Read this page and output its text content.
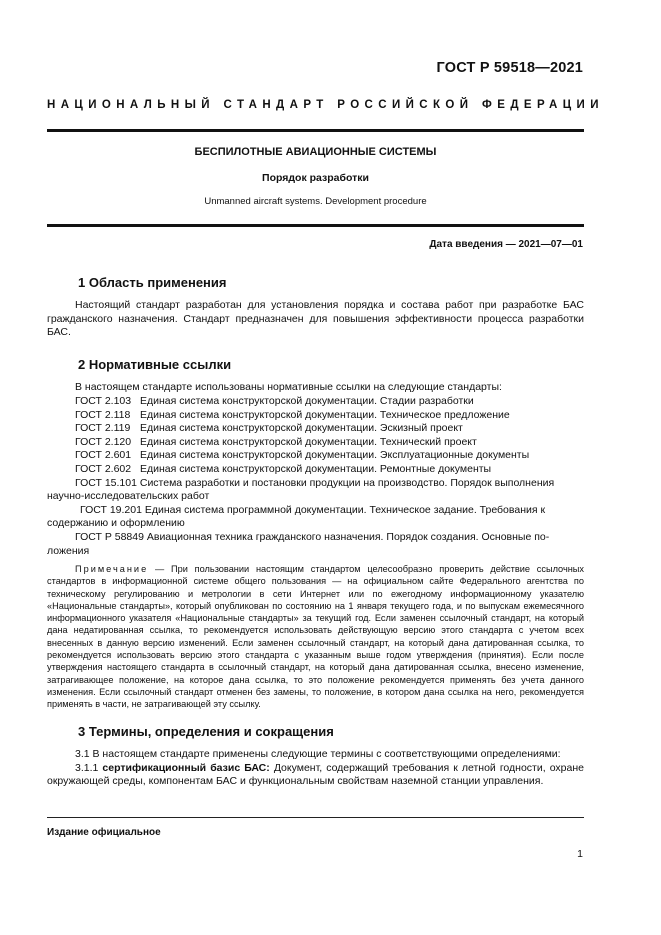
ГОСТ Р 59518—2021
НАЦИОНАЛЬНЫЙ СТАНДАРТ РОССИЙСКОЙ ФЕДЕРАЦИИ
БЕСПИЛОТНЫЕ АВИАЦИОННЫЕ СИСТЕМЫ
Порядок разработки
Unmanned aircraft systems. Development procedure
Дата введения — 2021—07—01
1 Область применения
Настоящий стандарт разработан для установления порядка и состава работ при разработке БАС гражданского назначения. Стандарт предназначен для повышения эффективности процесса разработки БАС.
2 Нормативные ссылки
В настоящем стандарте использованы нормативные ссылки на следующие стандарты:
ГОСТ 2.103 Единая система конструкторской документации. Стадии разработки
ГОСТ 2.118 Единая система конструкторской документации. Техническое предложение
ГОСТ 2.119 Единая система конструкторской документации. Эскизный проект
ГОСТ 2.120 Единая система конструкторской документации. Технический проект
ГОСТ 2.601 Единая система конструкторской документации. Эксплуатационные документы
ГОСТ 2.602 Единая система конструкторской документации. Ремонтные документы
ГОСТ 15.101 Система разработки и постановки продукции на производство. Порядок выполнения
научно-исследовательских работ
ГОСТ 19.201 Единая система программной документации. Техническое задание. Требования к
содержанию и оформлению
ГОСТ Р 58849 Авиационная техника гражданского назначения. Порядок создания. Основные по-
ложения
Примечание — При пользовании настоящим стандартом целесообразно проверить действие ссылочных стандартов в информационной системе общего пользования — на официальном сайте Федерального агентства по техническому регулированию и метрологии в сети Интернет или по ежегодному информационному указателю «Национальные стандарты», который опубликован по состоянию на 1 января текущего года, и по выпускам ежемесячного информационного указателя «Национальные стандарты» за текущий год. Если заменен ссылочный стандарт, на который дана недатированная ссылка, то рекомендуется использовать действующую версию этого стандарта с учетом всех внесенных в данную версию изменений. Если заменен ссылочный стандарт, на который дана датированная ссылка, то рекомендуется использовать версию этого стандарта с указанным выше годом утверждения (принятия). Если после утверждения настоящего стандарта в ссылочный стандарт, на который дана датированная ссылка, внесено изменение, затрагивающее положение, на которое дана ссылка, то это положение рекомендуется применять без учета данного изменения. Если ссылочный стандарт отменен без замены, то положение, в котором дана ссылка на него, рекомендуется применять в части, не затрагивающей эту ссылку.
3 Термины, определения и сокращения
3.1 В настоящем стандарте применены следующие термины с соответствующими определениями:
3.1.1 сертификационный базис БАС: Документ, содержащий требования к летной годности, охране окружающей среды, компонентам БАС и функциональным свойствам наземной станции управления.
Издание официальное
1
